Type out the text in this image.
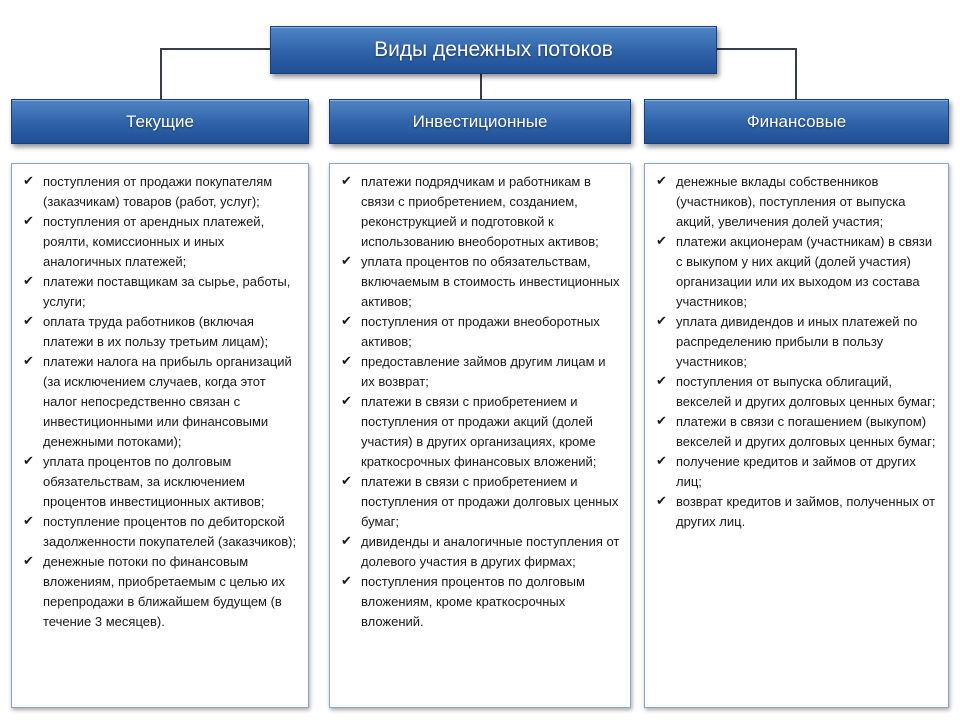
Виды денежных потоков
Текущие	Инвестиционные	Финансовые
✔ поступления от продажи покупателям (заказчикам) товаров (работ, услуг);
✔ поступления от арендных платежей, роялти, комиссионных и иных аналогичных платежей;
✔ платежи поставщикам за сырье, работы, услуги;
✔ оплата труда работников (включая платежи в их пользу третьим лицам);
✔ платежи налога на прибыль организаций (за исключением случаев, когда этот налог непосредственно связан с инвестиционными или финансовыми денежными потоками);
✔ уплата процентов по долговым обязательствам, за исключением процентов инвестиционных активов;
✔ поступление процентов по дебиторской задолженности покупателей (заказчиков);
✔ денежные потоки по финансовым вложениям, приобретаемым с целью их перепродажи в ближайшем будущем (в течение 3 месяцев).
✔ платежи подрядчикам и работникам в связи с приобретением, созданием, реконструкцией и подготовкой к использованию внеоборотных активов;
✔ уплата процентов по обязательствам, включаемым в стоимость инвестиционных активов;
✔ поступления от продажи внеоборотных активов;
✔ предоставление займов другим лицам и их возврат;
✔ платежи в связи с приобретением и поступления от продажи акций (долей участия) в других организациях, кроме краткосрочных финансовых вложений;
✔ платежи в связи с приобретением и поступления от продажи долговых ценных бумаг;
✔ дивиденды и аналогичные поступления от долевого участия в других фирмах;
✔ поступления процентов по долговым вложениям, кроме краткосрочных вложений.
✔ денежные вклады собственников (участников), поступления от выпуска акций, увеличения долей участия;
✔ платежи акционерам (участникам) в связи с выкупом у них акций (долей участия) организации или их выходом из состава участников;
✔ уплата дивидендов и иных платежей по распределению прибыли в пользу участников;
✔ поступления от выпуска облигаций, векселей и других долговых ценных бумаг;
✔ платежи в связи с погашением (выкупом) векселей и других долговых ценных бумаг;
✔ получение кредитов и займов от других лиц;
✔ возврат кредитов и займов, полученных от других лиц.
